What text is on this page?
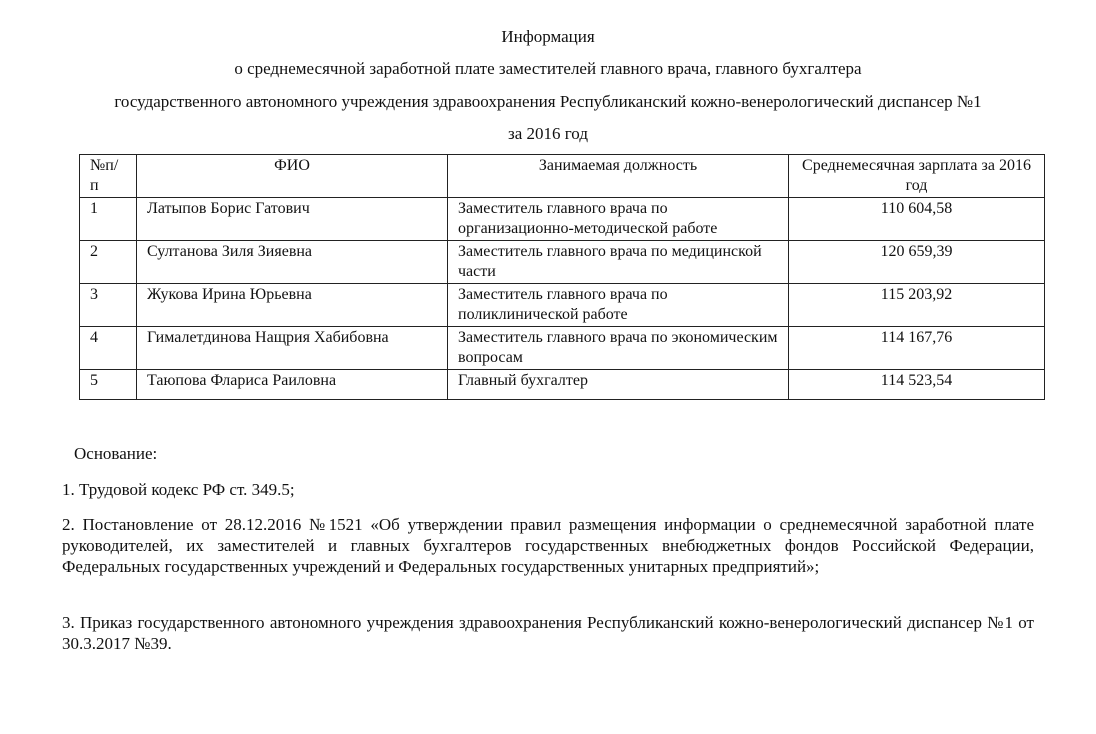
Информация
о среднемесячной заработной плате заместителей главного врача, главного бухгалтера
государственного автономного учреждения здравоохранения Республиканский кожно-венерологический диспансер №1
за 2016 год
№п/п	ФИО	Занимаемая должность	Среднемесячная зарплата за 2016 год
1	Латыпов Борис Гатович	Заместитель главного врача по организационно-методической работе	110 604,58
2	Султанова Зиля Зияевна	Заместитель главного врача по медицинской части	120 659,39
3	Жукова Ирина Юрьевна	Заместитель главного врача по поликлинической работе	115 203,92
4	Гималетдинова Нащрия Хабибовна	Заместитель главного врача по экономическим вопросам	114 167,76
5	Таюпова Флариса Раиловна	Главный бухгалтер	114 523,54
Основание:
1. Трудовой кодекс РФ ст. 349.5;
2. Постановление от 28.12.2016 №1521 «Об утверждении правил размещения информации о среднемесячной заработной плате руководителей, их заместителей и главных бухгалтеров государственных внебюджетных фондов Российской Федерации, Федеральных государственных учреждений и Федеральных государственных унитарных предприятий»;
3. Приказ государственного автономного учреждения здравоохранения Республиканский кожно-венерологический диспансер №1 от 30.3.2017 №39.
